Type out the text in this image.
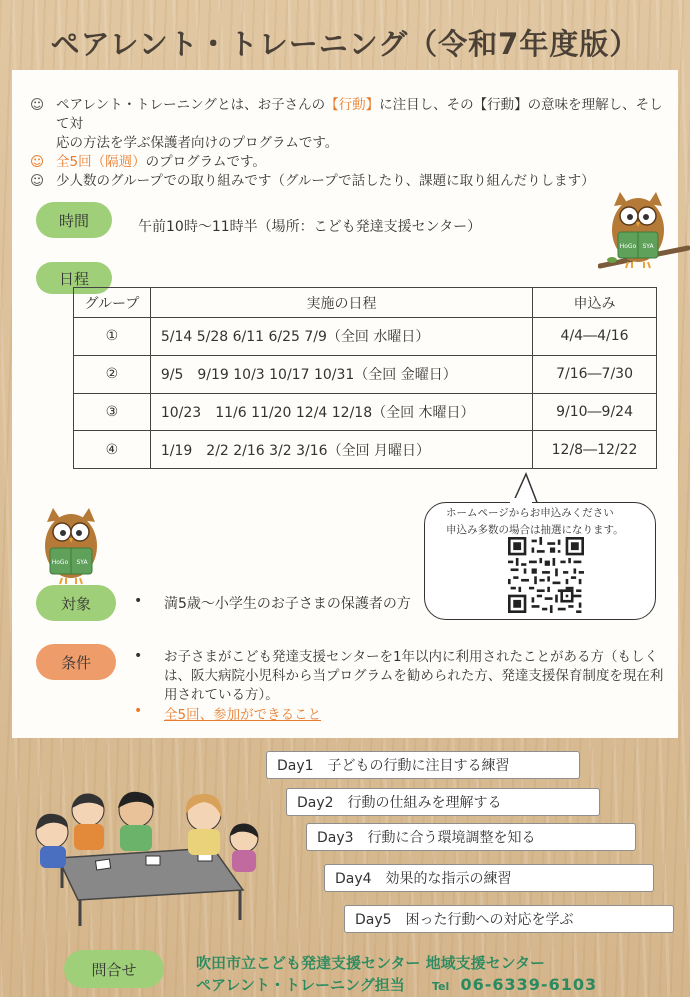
ペアレント・トレーニング（令和7年度版）
☺ ペアレント・トレーニングとは、お子さんの【行動】に注目し、その【行動】の意味を理解し、そして対
応の方法を学ぶ保護者向けのプログラムです。
☺ 全5回（隔週）のプログラムです。
☺ 少人数のグループでの取り組みです（グループで話したり、課題に取り組んだりします）
時間	午前10時～11時半（場所：こども発達支援センター）
日程
グループ	実施の日程	申込み
①	5/14 5/28 6/11 6/25 7/9（全回 水曜日）	4/4―4/16
②	9/5　9/19 10/3 10/17 10/31（全回 金曜日）	7/16―7/30
③	10/23　11/6 11/20 12/4 12/18（全回 木曜日）	9/10―9/24
④	1/19　2/2 2/16 3/2 3/16（全回 月曜日）	12/8―12/22
HoGo SYA
HoGo SYA
ホームページからお申込みください
申込み多数の場合は抽選になります。
対象	• 満5歳～小学生のお子さまの保護者の方
条件	• お子さまがこども発達支援センターを1年以内に利用されたことがある方（もしくは、阪大病院小児科から当プログラムを勧められた方、発達支援保育制度を現在利用されている方）。
• 全5回、参加ができること
Day1　子どもの行動に注目する練習
Day2　行動の仕組みを理解する
Day3　行動に合う環境調整を知る
Day4　効果的な指示の練習
Day5　困った行動への対応を学ぶ
問合せ	吹田市立こども発達支援センター 地域支援センター
ペアレント・トレーニング担当 Tel 06-6339-6103
